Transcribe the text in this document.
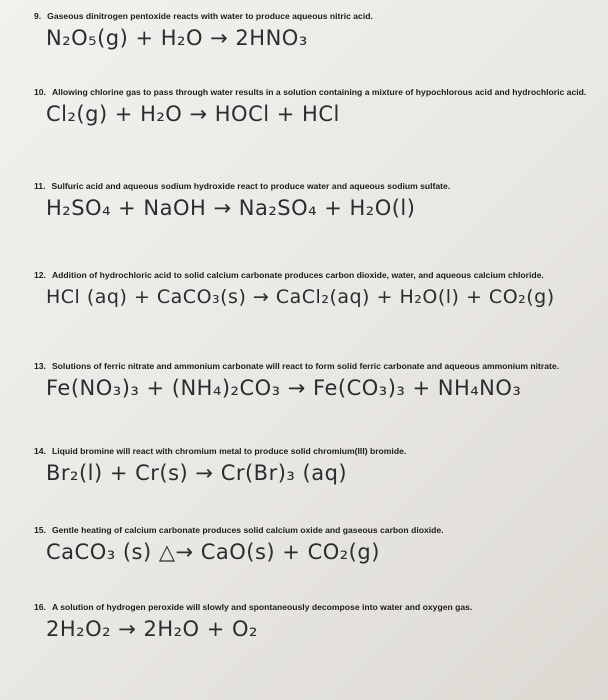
9. Gaseous dinitrogen pentoxide reacts with water to produce aqueous nitric acid.

N₂O₅(g) + H₂O → 2HNO₃

10. Allowing chlorine gas to pass through water results in a solution containing a mixture of hypochlorous acid and hydrochloric acid.

Cl₂(g) + H₂O → HOCl + HCl

11. Sulfuric acid and aqueous sodium hydroxide react to produce water and aqueous sodium sulfate.

H₂SO₄ + NaOH → Na₂SO₄ + H₂O(l)

12. Addition of hydrochloric acid to solid calcium carbonate produces carbon dioxide, water, and aqueous calcium chloride.

HCl (aq) + CaCO₃(s) → CaCl₂(aq) + H₂O(l) + CO₂(g)

13. Solutions of ferric nitrate and ammonium carbonate will react to form solid ferric carbonate and aqueous ammonium nitrate.

Fe(NO₃)₃ + (NH₄)₂CO₃ → Fe(CO₃)₃ + NH₄NO₃

14. Liquid bromine will react with chromium metal to produce solid chromium(III) bromide.

Br₂(l) + Cr(s) → Cr(Br)₃ (aq)

15. Gentle heating of calcium carbonate produces solid calcium oxide and gaseous carbon dioxide.

CaCO₃ (s) △→ CaO(s) + CO₂(g)

16. A solution of hydrogen peroxide will slowly and spontaneously decompose into water and oxygen gas.

2H₂O₂ → 2H₂O + O₂
